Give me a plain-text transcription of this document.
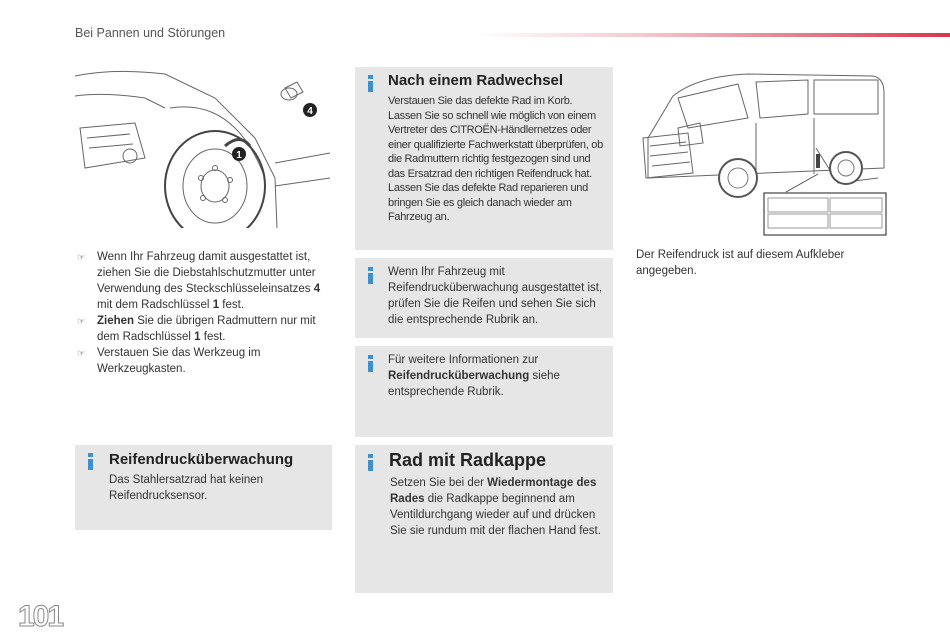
Bei Pannen und Störungen
1
4
☞ Wenn Ihr Fahrzeug damit ausgestattet ist, ziehen Sie die Diebstahlschutzmutter unter Verwendung des Steckschlüsseleinsatzes 4 mit dem Radschlüssel 1 fest.
☞ Ziehen Sie die übrigen Radmuttern nur mit dem Radschlüssel 1 fest.
☞ Verstauen Sie das Werkzeug im Werkzeugkasten.
Reifendrucküberwachung
Das Stahlersatzrad hat keinen Reifendrucksensor.
Nach einem Radwechsel
Verstauen Sie das defekte Rad im Korb. Lassen Sie so schnell wie möglich von einem Vertreter des CITROËN-Händlernetzes oder einer qualifizierte Fachwerkstatt überprüfen, ob die Radmuttern richtig festgezogen sind und das Ersatzrad den richtigen Reifendruck hat. Lassen Sie das defekte Rad reparieren und bringen Sie es gleich danach wieder am Fahrzeug an.
Wenn Ihr Fahrzeug mit Reifendrucküberwachung ausgestattet ist, prüfen Sie die Reifen und sehen Sie sich die entsprechende Rubrik an.
Für weitere Informationen zur Reifendrucküberwachung siehe entsprechende Rubrik.
Rad mit Radkappe
Setzen Sie bei der Wiedermontage des Rades die Radkappe beginnend am Ventildurchgang wieder auf und drücken Sie sie rundum mit der flachen Hand fest.
Der Reifendruck ist auf diesem Aufkleber angegeben.
101
